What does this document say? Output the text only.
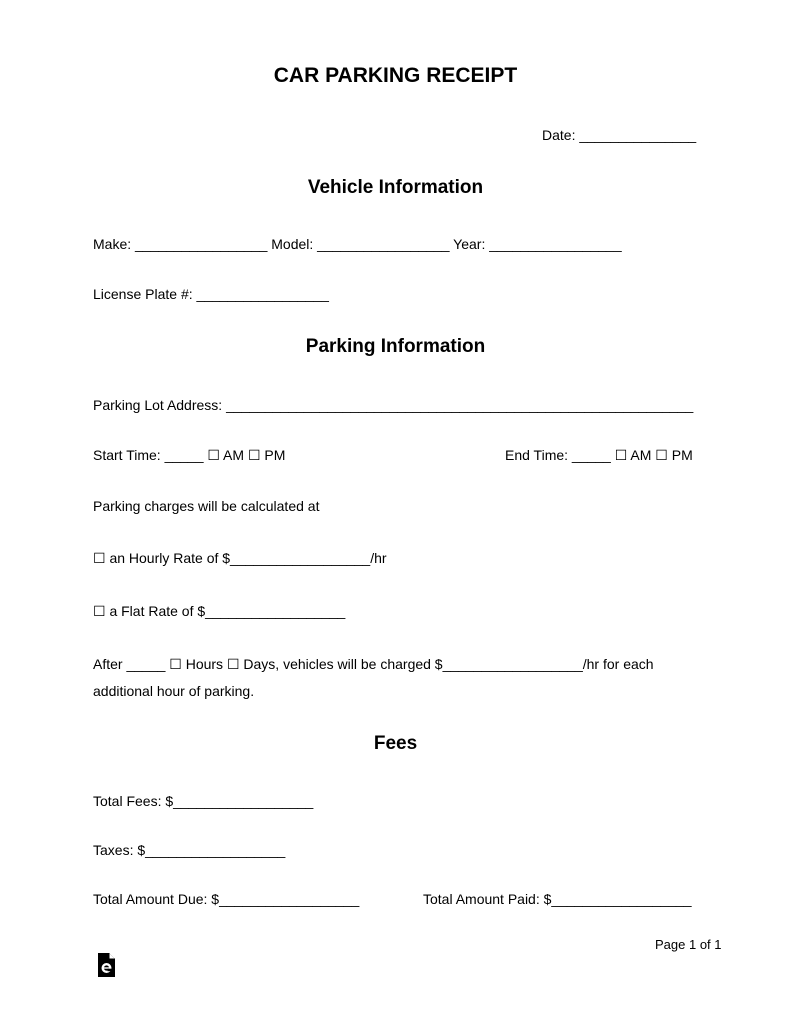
CAR PARKING RECEIPT
Date: _______________
Vehicle Information
Make: _________________ Model: _________________ Year: _________________
License Plate #: _________________
Parking Information
Parking Lot Address: ____________________________________________________________
Start Time: _____ ☐ AM ☐ PM	End Time: _____ ☐ AM ☐ PM
Parking charges will be calculated at
☐ an Hourly Rate of $__________________/hr
☐ a Flat Rate of $__________________
After _____ ☐ Hours ☐ Days, vehicles will be charged $__________________/hr for each
additional hour of parking.
Fees
Total Fees: $__________________
Taxes: $__________________
Total Amount Due: $__________________	Total Amount Paid: $__________________
Page 1 of 1
